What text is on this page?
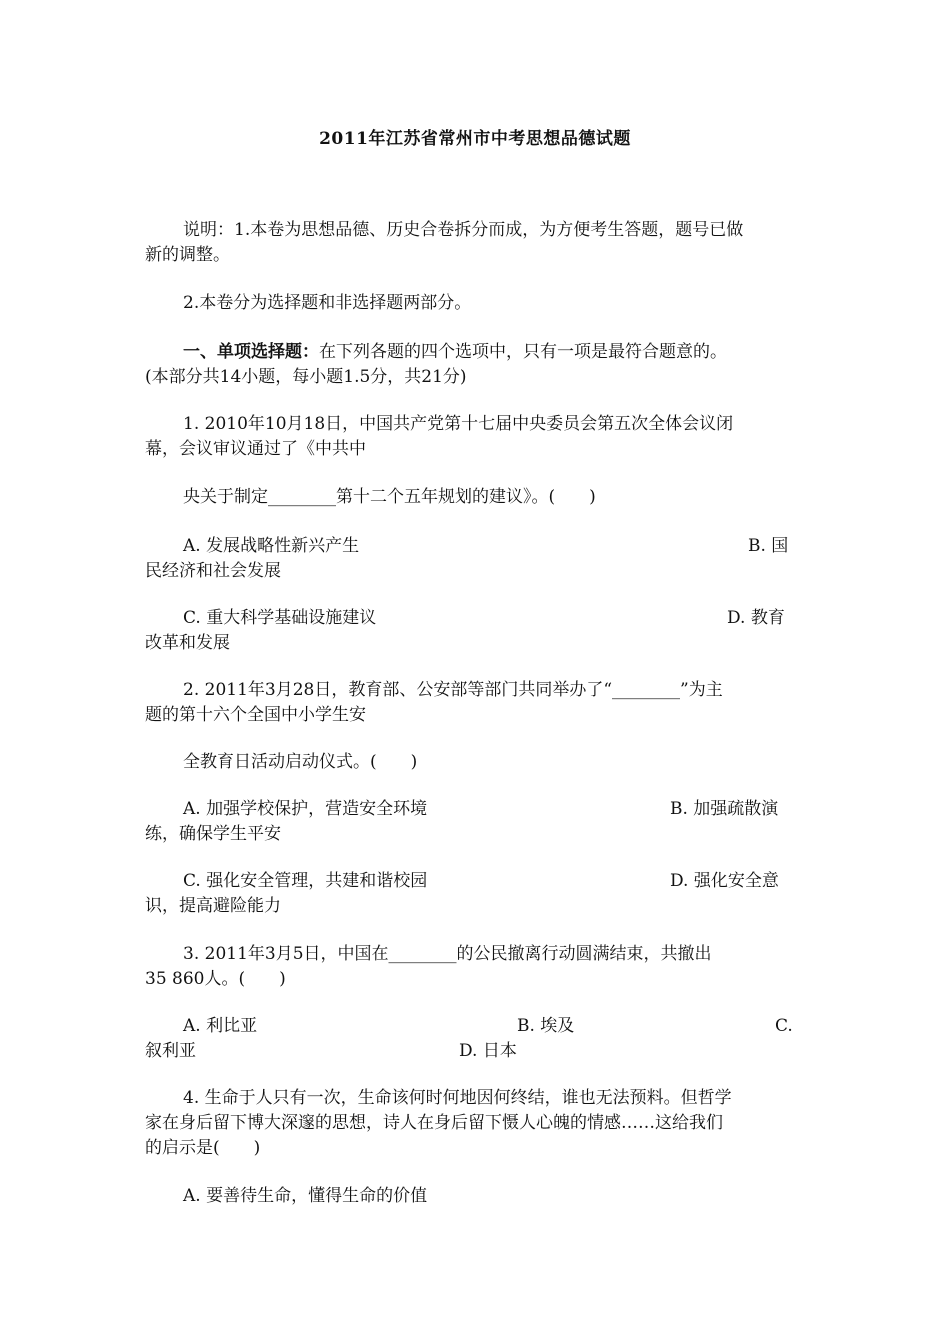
2011年江苏省常州市中考思想品德试题
说明：1.本卷为思想品德、历史合卷拆分而成，为方便考生答题，题号已做
新的调整。
2.本卷分为选择题和非选择题两部分。
一、单项选择题：在下列各题的四个选项中，只有一项是最符合题意的。
(本部分共14小题，每小题1.5分，共21分)
1. 2010年10月18日，中国共产党第十七届中央委员会第五次全体会议闭
幕，会议审议通过了《中共中
央关于制定________第十二个五年规划的建议》。(　　)
A. 发展战略性新兴产生	B. 国
民经济和社会发展
C. 重大科学基础设施建议	D. 教育
改革和发展
2. 2011年3月28日，教育部、公安部等部门共同举办了“________”为主
题的第十六个全国中小学生安
全教育日活动启动仪式。(　　)
A. 加强学校保护，营造安全环境	B. 加强疏散演
练，确保学生平安
C. 强化安全管理，共建和谐校园	D. 强化安全意
识，提高避险能力
3. 2011年3月5日，中国在________的公民撤离行动圆满结束，共撤出
35 860人。(　　)
A. 利比亚	B. 埃及	C.
叙利亚	D. 日本
4. 生命于人只有一次，生命该何时何地因何终结，谁也无法预料。但哲学
家在身后留下博大深邃的思想，诗人在身后留下慑人心魄的情感……这给我们
的启示是(　　)
A. 要善待生命，懂得生命的价值
